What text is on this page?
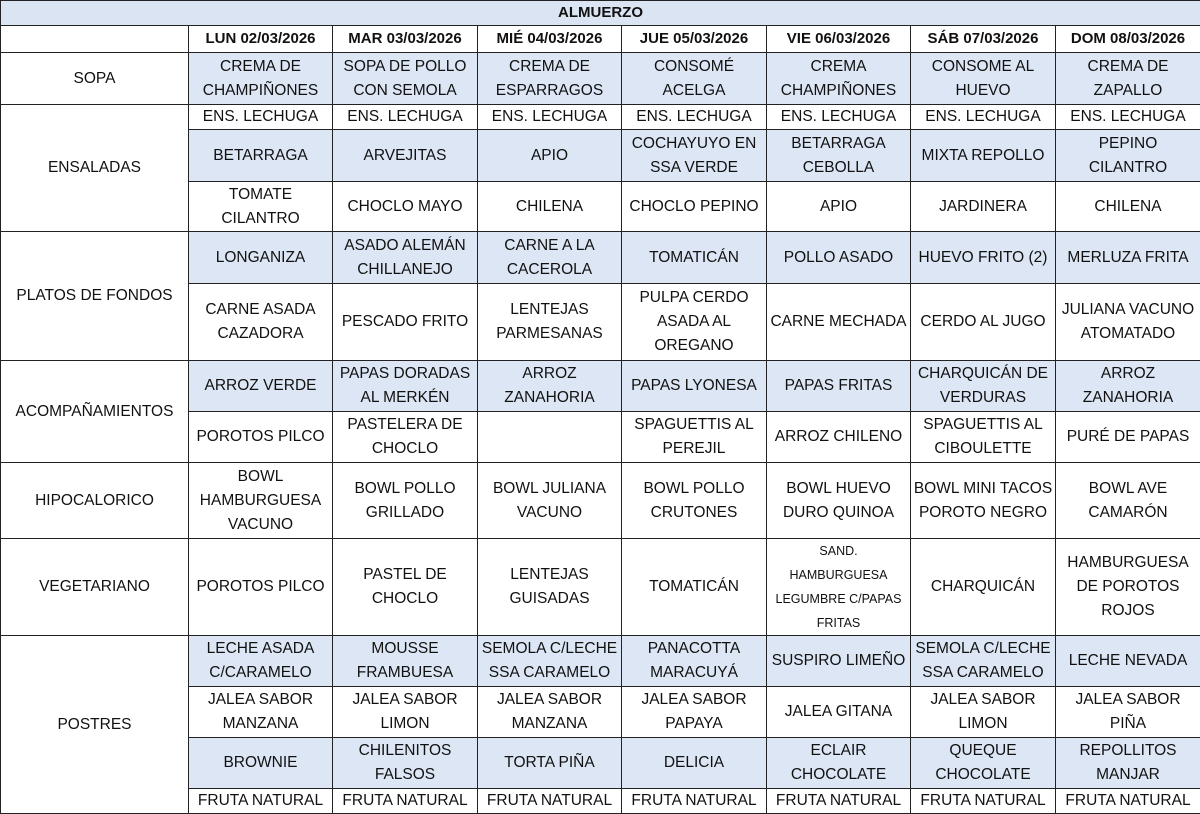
ALMUERZO							
	LUN 02/03/2026	MAR 03/03/2026	MIÉ 04/03/2026	JUE 05/03/2026	VIE 06/03/2026	SÁB 07/03/2026	DOM 08/03/2026
SOPA	CREMA DE CHAMPIÑONES	SOPA DE POLLO CON SEMOLA	CREMA DE ESPARRAGOS	CONSOMÉ ACELGA	CREMA CHAMPIÑONES	CONSOME AL HUEVO	CREMA DE ZAPALLO
ENSALADAS	ENS. LECHUGA	ENS. LECHUGA	ENS. LECHUGA	ENS. LECHUGA	ENS. LECHUGA	ENS. LECHUGA	ENS. LECHUGA
	BETARRAGA	ARVEJITAS	APIO	COCHAYUYO EN SSA VERDE	BETARRAGA CEBOLLA	MIXTA REPOLLO	PEPINO CILANTRO
	TOMATE CILANTRO	CHOCLO MAYO	CHILENA	CHOCLO PEPINO	APIO	JARDINERA	CHILENA
PLATOS DE FONDOS	LONGANIZA	ASADO ALEMÁN CHILLANEJO	CARNE A LA CACEROLA	TOMATICÁN	POLLO ASADO	HUEVO FRITO (2)	MERLUZA FRITA
	CARNE ASADA CAZADORA	PESCADO FRITO	LENTEJAS PARMESANAS	PULPA CERDO ASADA AL OREGANO	CARNE MECHADA	CERDO AL JUGO	JULIANA VACUNO ATOMATADO
ACOMPAÑAMIENTOS	ARROZ VERDE	PAPAS DORADAS AL MERKÉN	ARROZ ZANAHORIA	PAPAS LYONESA	PAPAS FRITAS	CHARQUICÁN DE VERDURAS	ARROZ ZANAHORIA
	POROTOS PILCO	PASTELERA DE CHOCLO		SPAGUETTIS AL PEREJIL	ARROZ CHILENO	SPAGUETTIS AL CIBOULETTE	PURÉ DE PAPAS
HIPOCALORICO	BOWL HAMBURGUESA VACUNO	BOWL POLLO GRILLADO	BOWL JULIANA VACUNO	BOWL POLLO CRUTONES	BOWL HUEVO DURO QUINOA	BOWL MINI TACOS POROTO NEGRO	BOWL AVE CAMARÓN
VEGETARIANO	POROTOS PILCO	PASTEL DE CHOCLO	LENTEJAS GUISADAS	TOMATICÁN	SAND. HAMBURGUESA LEGUMBRE C/PAPAS FRITAS	CHARQUICÁN	HAMBURGUESA DE POROTOS ROJOS
POSTRES	LECHE ASADA C/CARAMELO	MOUSSE FRAMBUESA	SEMOLA C/LECHE SSA CARAMELO	PANACOTTA MARACUYÁ	SUSPIRO LIMEÑO	SEMOLA C/LECHE SSA CARAMELO	LECHE NEVADA
	JALEA SABOR MANZANA	JALEA SABOR LIMON	JALEA SABOR MANZANA	JALEA SABOR PAPAYA	JALEA GITANA	JALEA SABOR LIMON	JALEA SABOR PIÑA
	BROWNIE	CHILENITOS FALSOS	TORTA PIÑA	DELICIA	ECLAIR CHOCOLATE	QUEQUE CHOCOLATE	REPOLLITOS MANJAR
	FRUTA NATURAL	FRUTA NATURAL	FRUTA NATURAL	FRUTA NATURAL	FRUTA NATURAL	FRUTA NATURAL	FRUTA NATURAL
